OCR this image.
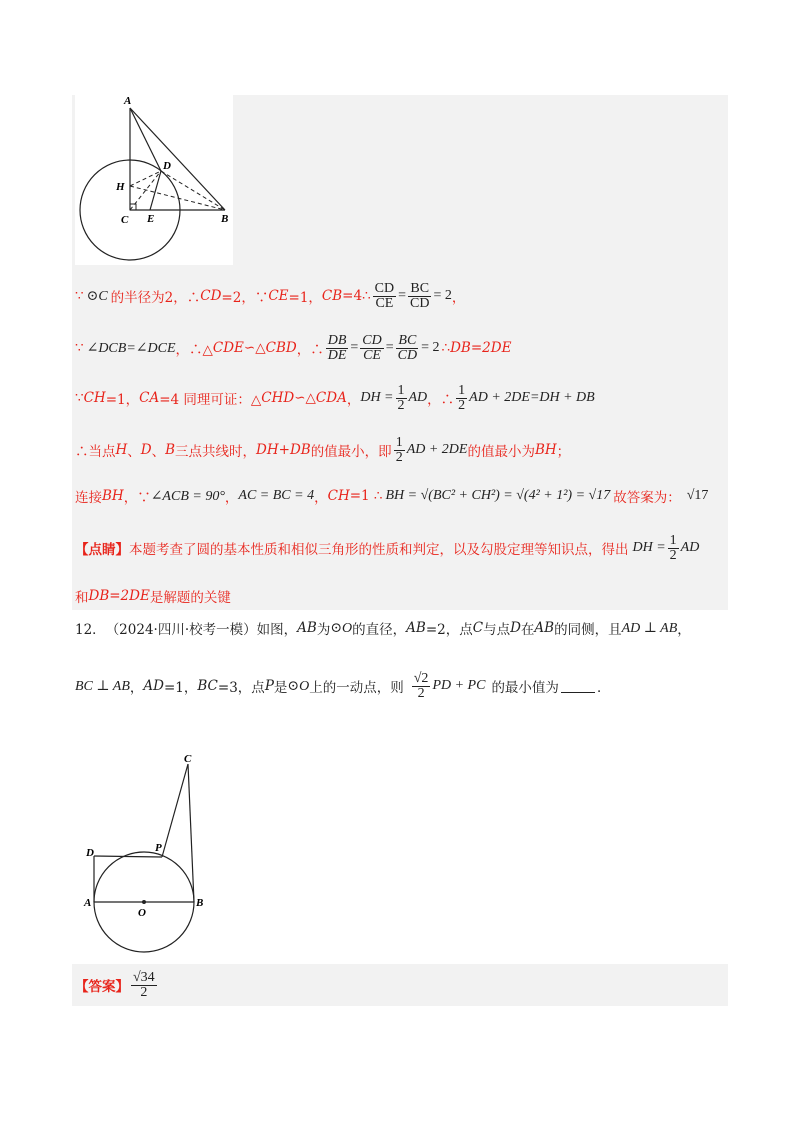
A
D
H
C E	B
∵ ⊙C 的半径为2，∴ CD =2，∵ CE =1， CB =4∴ $\frac{CD}{CE} = \frac{BC}{CD} = 2$ ，
∵ ∠DCB=∠DCE ，∴△ CDE ∽△ CBD ，∴ $\frac{DB}{DE} = \frac{CD}{CE} = \frac{BC}{CD} = 2$ ∴ DB=2DE
∵ CH =1， CA =4 同理可证：△ CHD ∽△ CDA ， DH = $\frac{1}{2}$ AD ，∴ $\frac{1}{2}$ AD + 2DE=DH + DB
∴当点 H 、 D 、 B 三点共线时， DH+DB 的值最小，即 $\frac{1}{2}$ AD + 2DE 的值最小为 BH ；
连接 BH ，∵ ∠ACB = 90° ， AC = BC = 4 ， CH =1 ∴ BH = √(BC² + CH²) = √(4² + 1²) = √17 故答案为： √17
【点睛】 本题考查了圆的基本性质和相似三角形的性质和判定，以及勾股定理等知识点，得出 DH = $\frac{1}{2}$ AD
和 DB=2DE 是解题的关键
12． （2024·四川·校考一模） 如图， AB 为 ⊙O 的直径， AB =2，点 C 与点 D 在 AB 的同侧，且 AD ⊥ AB ，
BC ⊥ AB ， AD =1， BC =3，点 P 是 ⊙O 上的一动点，则 $\frac{√2}{2}$ PD + PC 的最小值为	．
C
D	P
A
O
B
【答案】 $\frac{√34}{2}$
